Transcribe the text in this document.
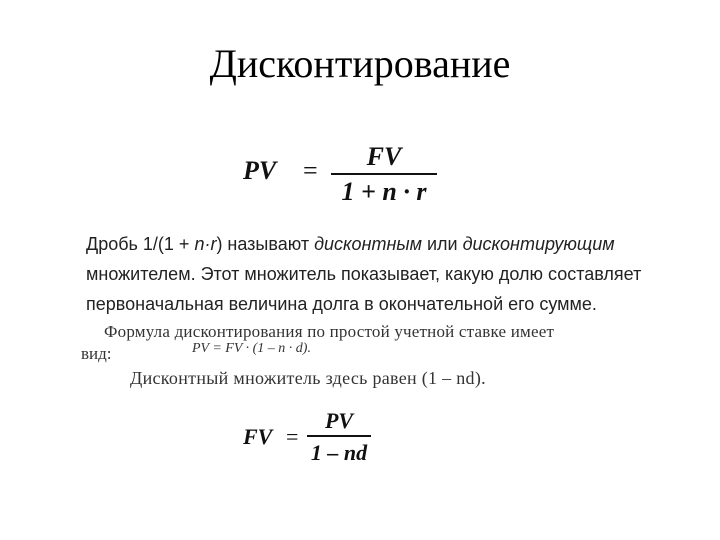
Дисконтирование
PV =	FV
1 + n · r
Дробь 1/(1 + n·r) называют дисконтным или дисконтирующим
множителем. Этот множитель показывает, какую долю составляет
первоначальная величина долга в окончательной его сумме.
Формула дисконтирования по простой учетной ставке имеет
вид:	PV = FV · (1 – n · d).
Дисконтный множитель здесь равен (1 – nd).
FV =
PV
1 – nd
